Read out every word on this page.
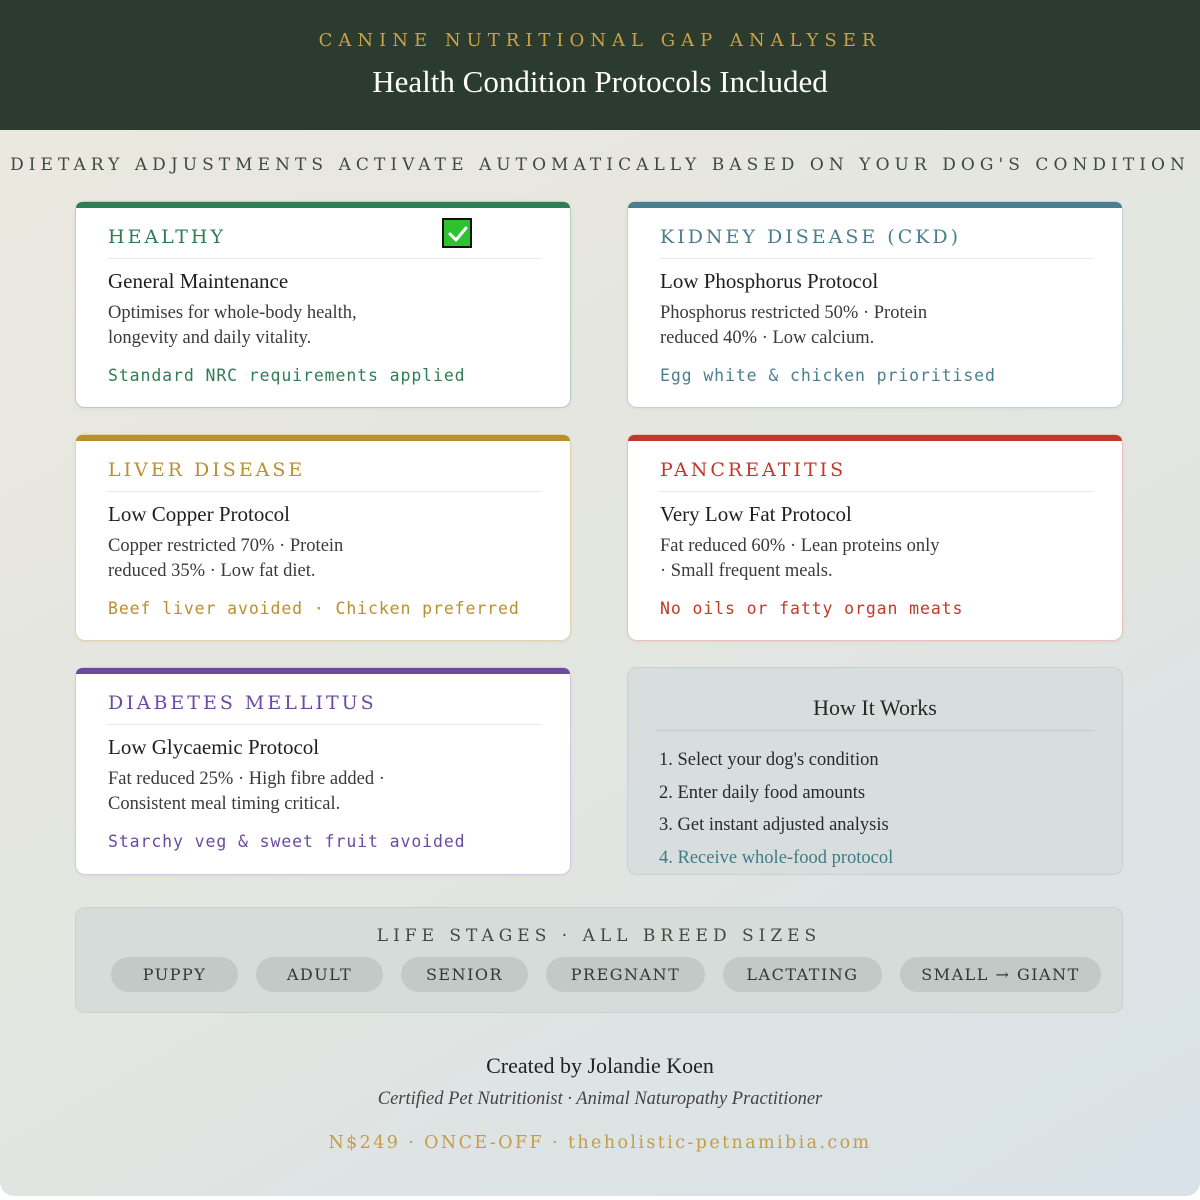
CANINE NUTRITIONAL GAP ANALYSER
Health Condition Protocols Included
DIETARY ADJUSTMENTS ACTIVATE AUTOMATICALLY BASED ON YOUR DOG'S CONDITION
HEALTHY
General Maintenance
Optimises for whole-body health, longevity and daily vitality.
Standard NRC requirements applied
KIDNEY DISEASE (CKD)
Low Phosphorus Protocol
Phosphorus restricted 50% · Protein reduced 40% · Low calcium.
Egg white & chicken prioritised
LIVER DISEASE
Low Copper Protocol
Copper restricted 70% · Protein reduced 35% · Low fat diet.
Beef liver avoided · Chicken preferred
PANCREATITIS
Very Low Fat Protocol
Fat reduced 60% · Lean proteins only · Small frequent meals.
No oils or fatty organ meats
DIABETES MELLITUS
Low Glycaemic Protocol
Fat reduced 25% · High fibre added · Consistent meal timing critical.
Starchy veg & sweet fruit avoided
How It Works
1. Select your dog's condition
2. Enter daily food amounts
3. Get instant adjusted analysis
4. Receive whole-food protocol
LIFE STAGES · ALL BREED SIZES
PUPPY	ADULT	SENIOR	PREGNANT	LACTATING	SMALL → GIANT
Created by Jolandie Koen
Certified Pet Nutritionist · Animal Naturopathy Practitioner
N$249 · ONCE-OFF · theholistic-petnamibia.com
